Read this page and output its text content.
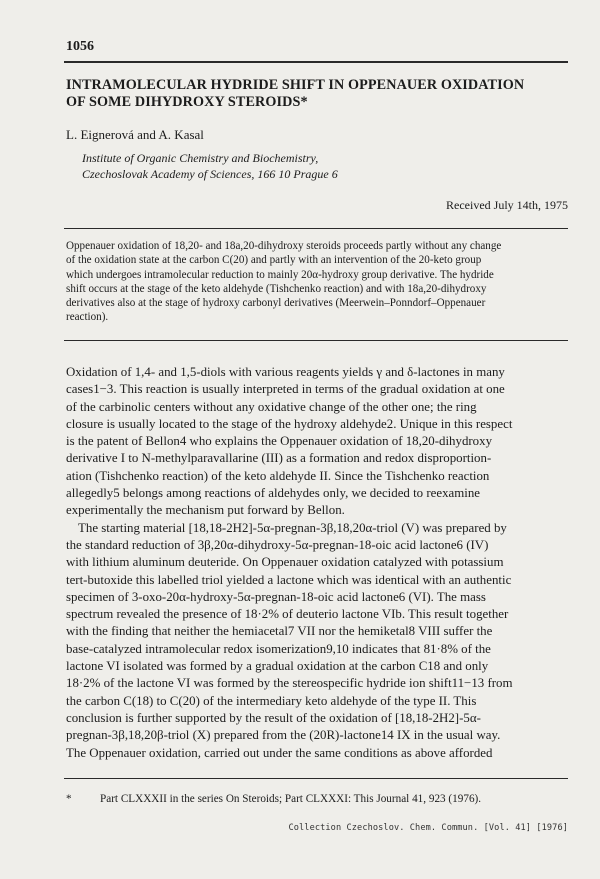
1056
INTRAMOLECULAR HYDRIDE SHIFT IN OPPENAUER OXIDATION
OF SOME DIHYDROXY STEROIDS*
L. Eignerová and A. Kasal
Institute of Organic Chemistry and Biochemistry,
Czechoslovak Academy of Sciences, 166 10 Prague 6
Received July 14th, 1975
Oppenauer oxidation of 18,20- and 18a,20-dihydroxy steroids proceeds partly without any change
of the oxidation state at the carbon C(20) and partly with an intervention of the 20-keto group
which undergoes intramolecular reduction to mainly 20α-hydroxy group derivative. The hydride
shift occurs at the stage of the keto aldehyde (Tishchenko reaction) and with 18a,20-dihydroxy
derivatives also at the stage of hydroxy carbonyl derivatives (Meerwein–Ponndorf–Oppenauer
reaction).
Oxidation of 1,4- and 1,5-diols with various reagents yields γ and δ-lactones in many
cases1−3. This reaction is usually interpreted in terms of the gradual oxidation at one
of the carbinolic centers without any oxidative change of the other one; the ring
closure is usually located to the stage of the hydroxy aldehyde2. Unique in this respect
is the patent of Bellon4 who explains the Oppenauer oxidation of 18,20-dihydroxy
derivative I to N-methylparavallarine (III) as a formation and redox disproportion-
ation (Tishchenko reaction) of the keto aldehyde II. Since the Tishchenko reaction
allegedly5 belongs among reactions of aldehydes only, we decided to reexamine
experimentally the mechanism put forward by Bellon.
The starting material [18,18-2H2]-5α-pregnan-3β,18,20α-triol (V) was prepared by
the standard reduction of 3β,20α-dihydroxy-5α-pregnan-18-oic acid lactone6 (IV)
with lithium aluminum deuteride. On Oppenauer oxidation catalyzed with potassium
tert-butoxide this labelled triol yielded a lactone which was identical with an authentic
specimen of 3-oxo-20α-hydroxy-5α-pregnan-18-oic acid lactone6 (VI). The mass
spectrum revealed the presence of 18·2% of deuterio lactone VIb. This result together
with the finding that neither the hemiacetal7 VII nor the hemiketal8 VIII suffer the
base-catalyzed intramolecular redox isomerization9,10 indicates that 81·8% of the
lactone VI isolated was formed by a gradual oxidation at the carbon C18 and only
18·2% of the lactone VI was formed by the stereospecific hydride ion shift11−13 from
the carbon C(18) to C(20) of the intermediary keto aldehyde of the type II. This
conclusion is further supported by the result of the oxidation of [18,18-2H2]-5α-
pregnan-3β,18,20β-triol (X) prepared from the (20R)-lactone14 IX in the usual way.
The Oppenauer oxidation, carried out under the same conditions as above afforded
*	Part CLXXXII in the series On Steroids; Part CLXXXI: This Journal 41, 923 (1976).
Collection Czechoslov. Chem. Commun. [Vol. 41] [1976]
